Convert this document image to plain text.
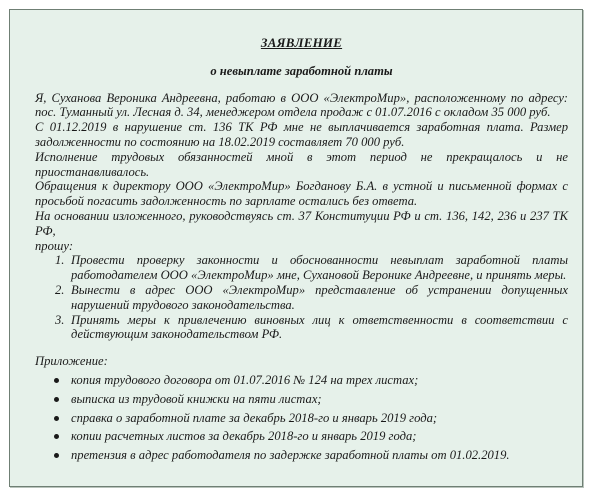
ЗАЯВЛЕНИЕ
о невыплате заработной платы
Я, Суханова Вероника Андреевна, работаю в ООО «ЭлектроМир», расположенному по адресу: пос. Туманный ул. Лесная д. 34, менеджером отдела продаж с 01.07.2016 с окладом 35 000 руб.
С 01.12.2019 в нарушение ст. 136 ТК РФ мне не выплачивается заработная плата. Размер задолженности по состоянию на 18.02.2019 составляет 70 000 руб.
Исполнение трудовых обязанностей мной в этот период не прекращалось и не приостанавливалось.
Обращения к директору ООО «ЭлектроМир» Богданову Б.А. в устной и письменной формах с просьбой погасить задолженность по зарплате остались без ответа.
На основании изложенного, руководствуясь ст. 37 Конституции РФ и ст. 136, 142, 236 и 237 ТК РФ,
прошу:
1. Провести проверку законности и обоснованности невыплат заработной платы работодателем ООО «ЭлектроМир» мне, Сухановой Веронике Андреевне, и принять меры.
2. Вынести в адрес ООО «ЭлектроМир» представление об устранении допущенных нарушений трудового законодательства.
3. Принять меры к привлечению виновных лиц к ответственности в соответствии с действующим законодательством РФ.
Приложение:
копия трудового договора от 01.07.2016 № 124 на трех листах;
выписка из трудовой книжки на пяти листах;
справка о заработной плате за декабрь 2018-го и январь 2019 года;
копии расчетных листов за декабрь 2018-го и январь 2019 года;
претензия в адрес работодателя по задержке заработной платы от 01.02.2019.
